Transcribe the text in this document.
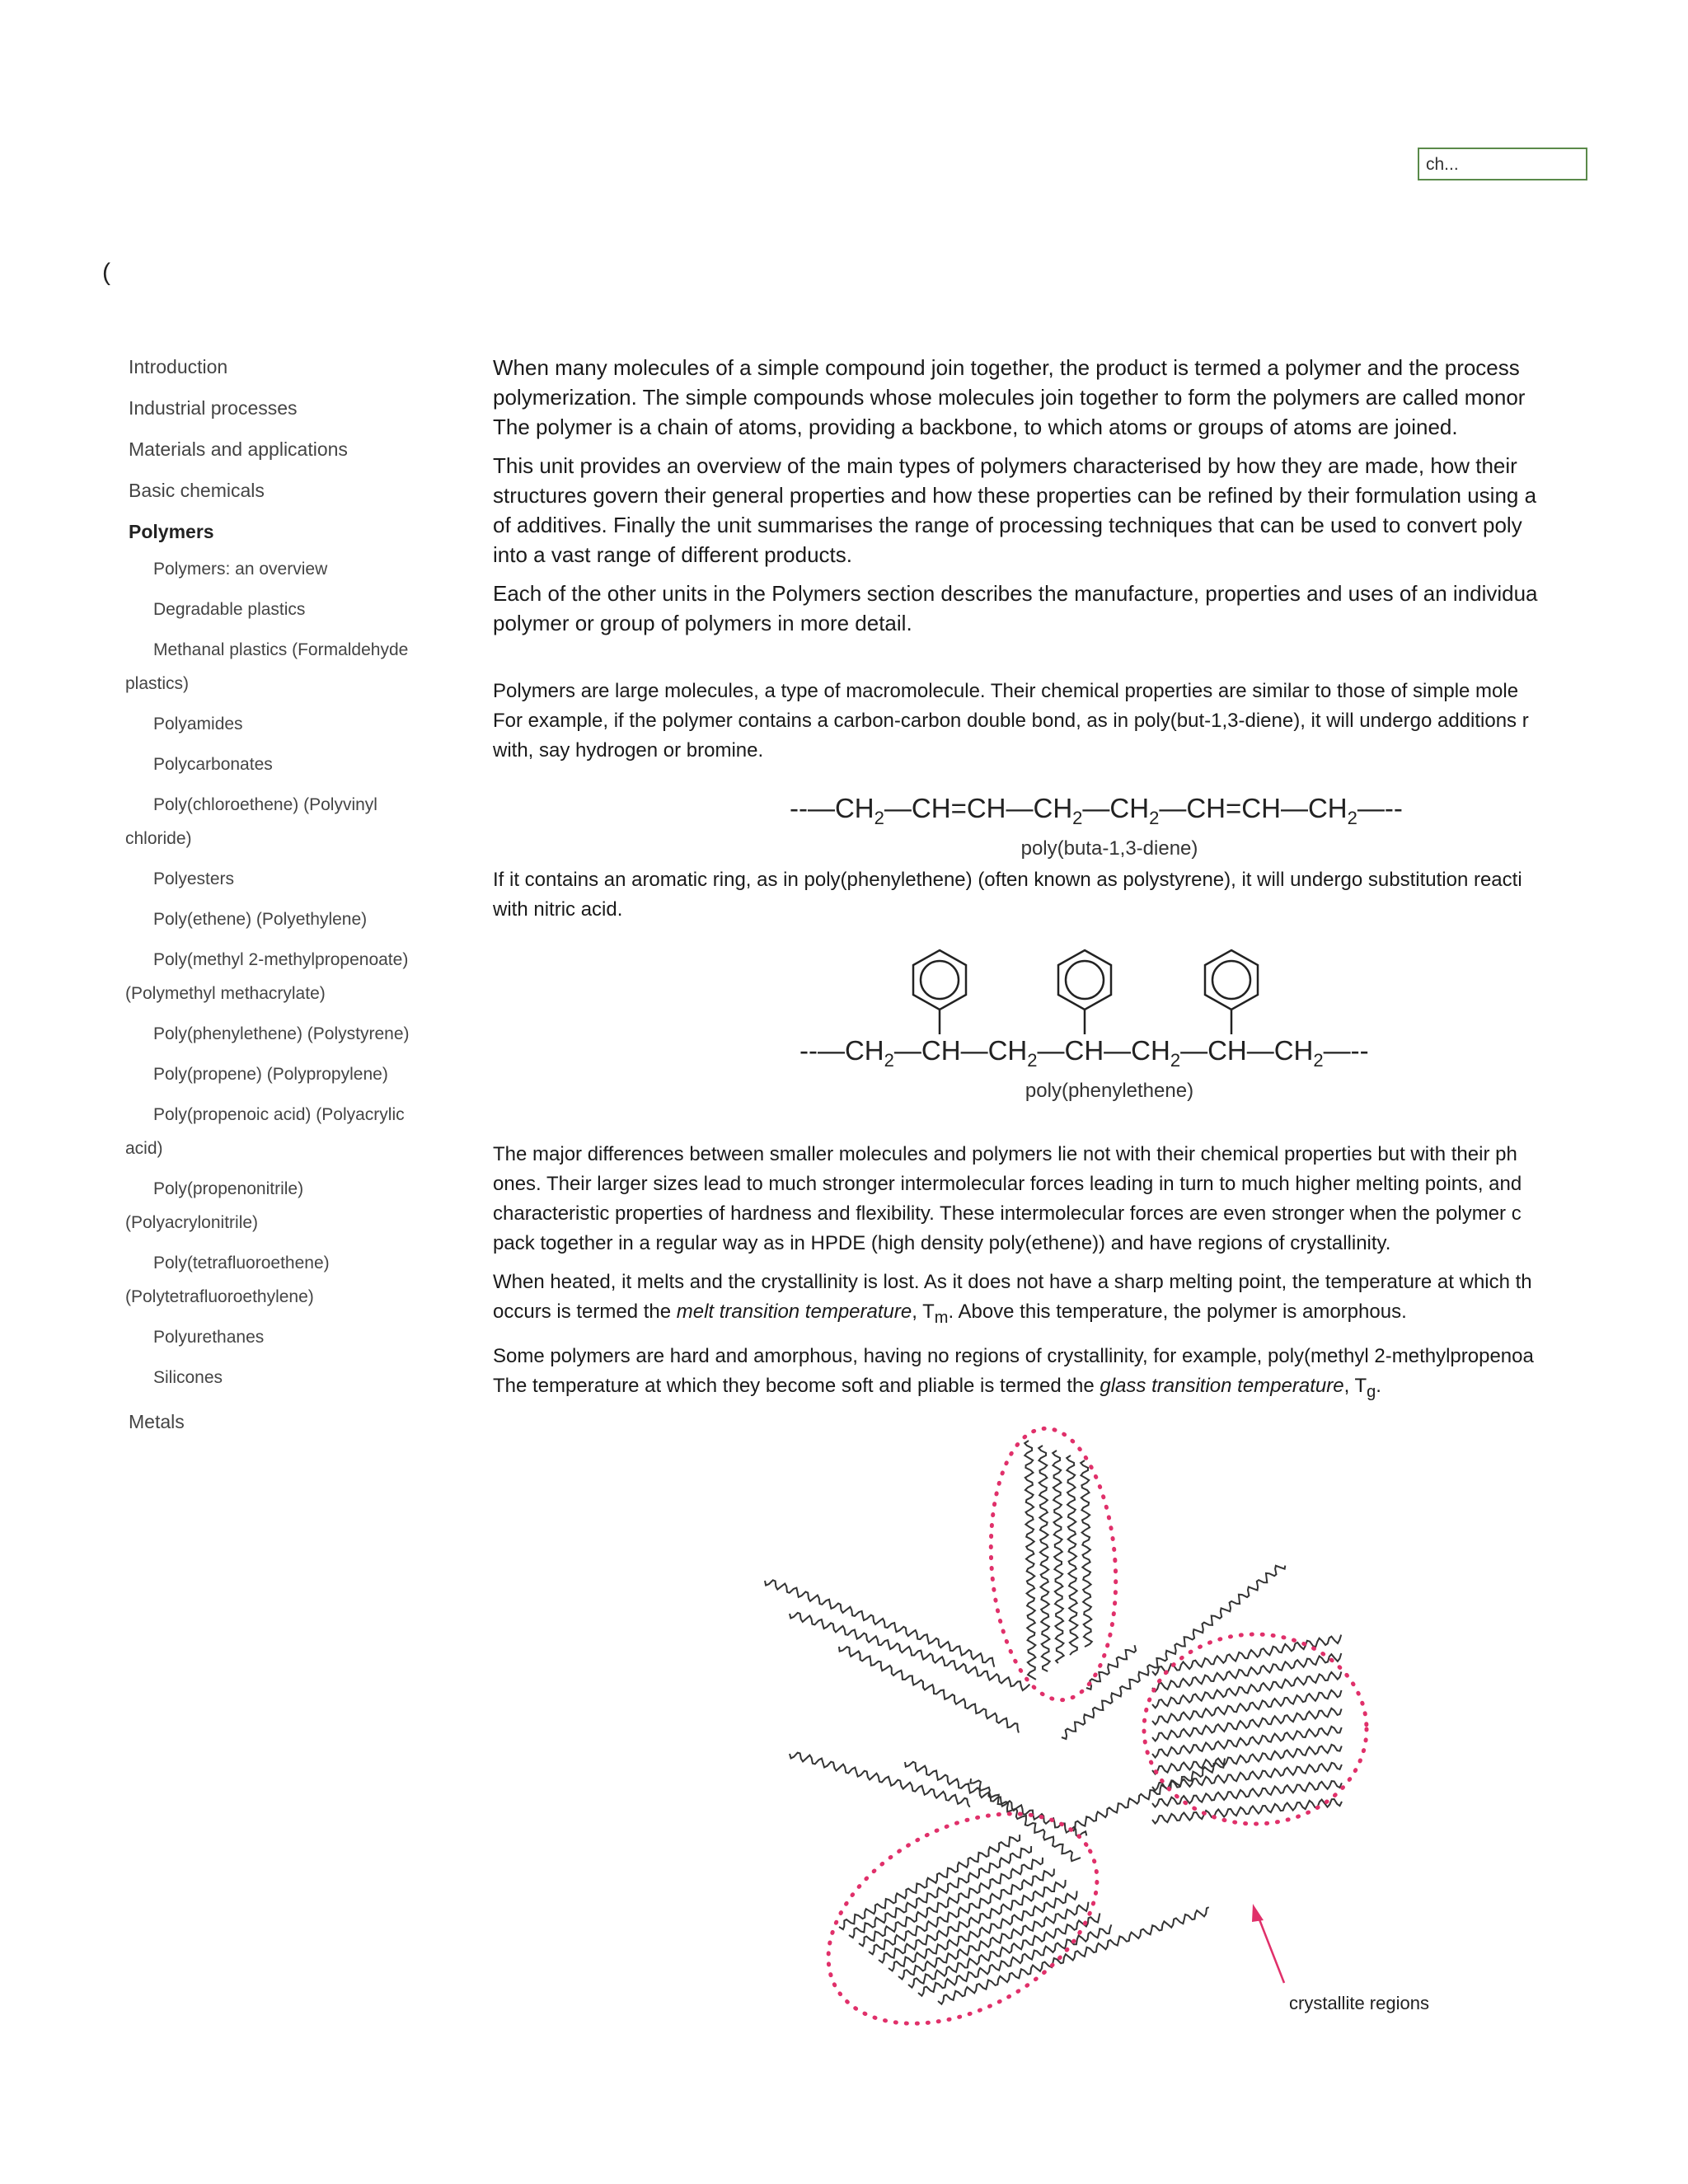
ch...
(
Introduction
Industrial processes
Materials and applications
Basic chemicals
Polymers
Polymers: an overview
Degradable plastics
Methanal plastics (Formaldehyde plastics)
Polyamides
Polycarbonates
Poly(chloroethene) (Polyvinyl chloride)
Polyesters
Poly(ethene) (Polyethylene)
Poly(methyl 2-methylpropenoate) (Polymethyl methacrylate)
Poly(phenylethene) (Polystyrene)
Poly(propene) (Polypropylene)
Poly(propenoic acid) (Polyacrylic acid)
Poly(propenonitrile) (Polyacrylonitrile)
Poly(tetrafluoroethene) (Polytetrafluoroethylene)
Polyurethanes
Silicones
Metals

When many molecules of a simple compound join together, the product is termed a polymer and the process
polymerization. The simple compounds whose molecules join together to form the polymers are called monor
The polymer is a chain of atoms, providing a backbone, to which atoms or groups of atoms are joined.

This unit provides an overview of the main types of polymers characterised by how they are made, how their
structures govern their general properties and how these properties can be refined by their formulation using a
of additives. Finally the unit summarises the range of processing techniques that can be used to convert poly
into a vast range of different products.

Each of the other units in the Polymers section describes the manufacture, properties and uses of an individua
polymer or group of polymers in more detail.

Polymers are large molecules, a type of macromolecule. Their chemical properties are similar to those of simple mole
For example, if the polymer contains a carbon-carbon double bond, as in poly(but-1,3-diene), it will undergo additions r
with, say hydrogen or bromine.

$--—CH_2—CH=CH—CH_2—CH_2—CH=CH—CH_2—--$
poly(buta-1,3-diene)

If it contains an aromatic ring, as in poly(phenylethene) (often known as polystyrene), it will undergo substitution reacti
with nitric acid.

$--—CH_2—CH—CH_2—CH—CH_2—CH—CH_2—--$
poly(phenylethene)

The major differences between smaller molecules and polymers lie not with their chemical properties but with their ph
ones. Their larger sizes lead to much stronger intermolecular forces leading in turn to much higher melting points, and
characteristic properties of hardness and flexibility. These intermolecular forces are even stronger when the polymer c
pack together in a regular way as in HPDE (high density poly(ethene)) and have regions of crystallinity.

When heated, it melts and the crystallinity is lost. As it does not have a sharp melting point, the temperature at which th
occurs is termed the melt transition temperature, $T_m$. Above this temperature, the polymer is amorphous.

Some polymers are hard and amorphous, having no regions of crystallinity, for example, poly(methyl 2-methylpropenoa
The temperature at which they become soft and pliable is termed the glass transition temperature, $T_g$.

crystallite regions
